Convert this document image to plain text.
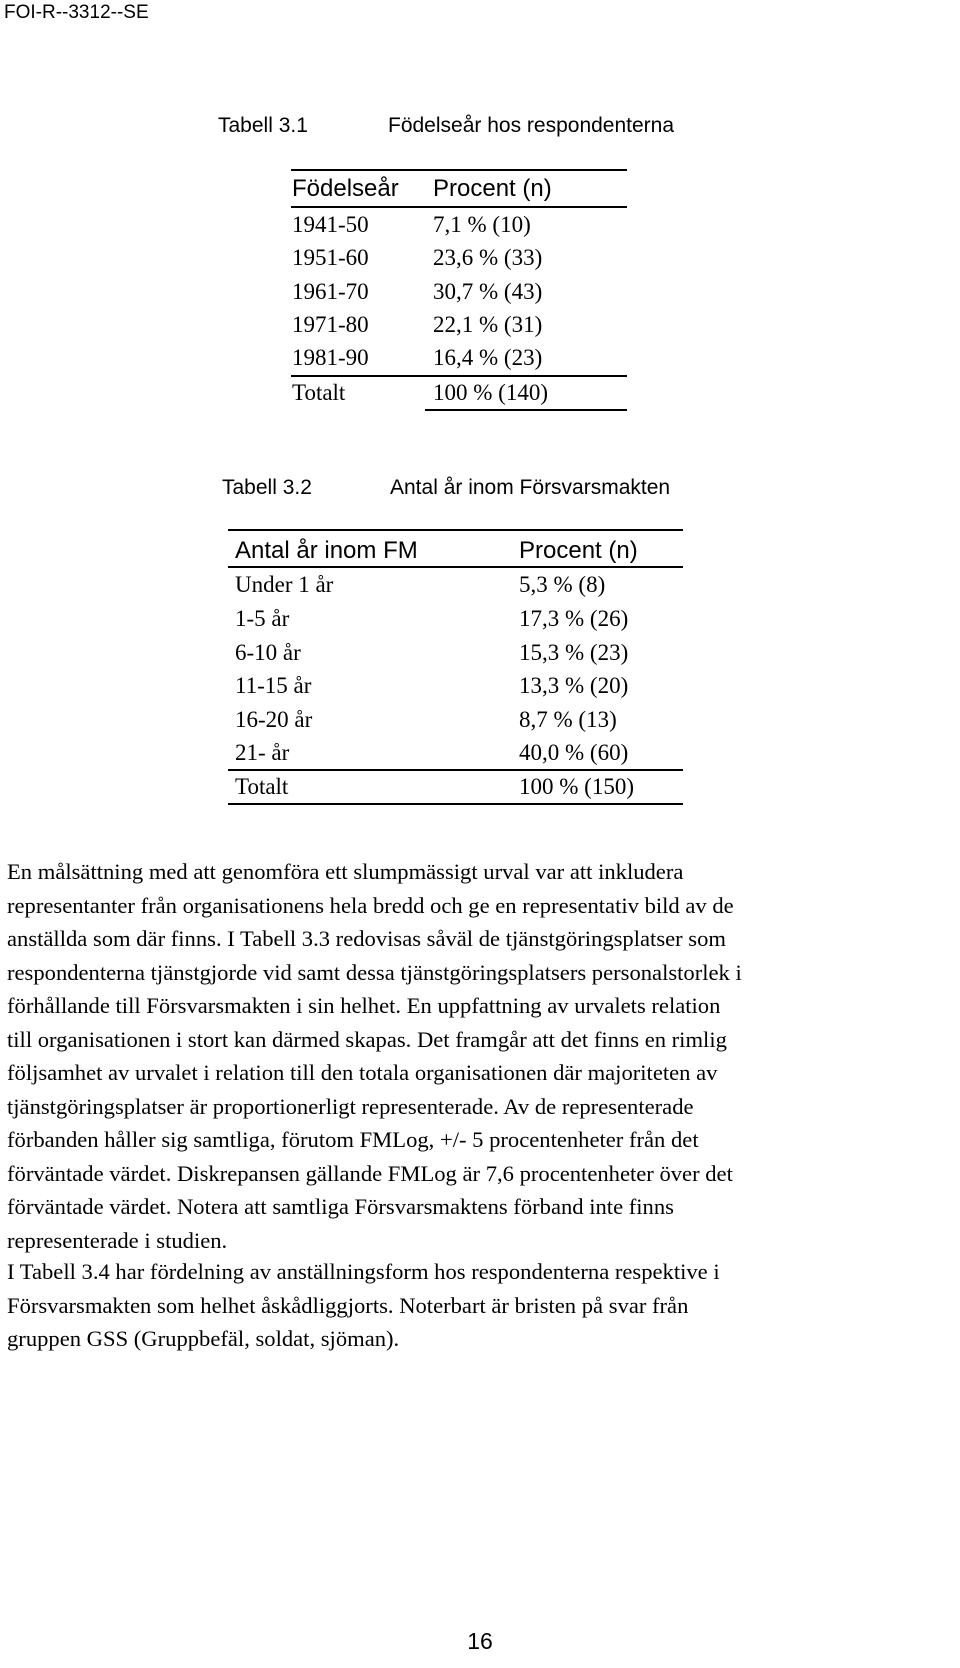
FOI-R--3312--SE
Tabell 3.1	Födelseår hos respondenterna
Födelseår Procent (n)
1941-50	7,1 % (10)
1951-60	23,6 % (33)
1961-70	30,7 % (43)
1971-80	22,1 % (31)
1981-90	16,4 % (23)
Totalt	100 % (140)
Tabell 3.2	Antal år inom Försvarsmakten
Antal år inom FM	Procent (n)
Under 1 år	5,3 % (8)
1-5 år	17,3 % (26)
6-10 år	15,3 % (23)
11-15 år	13,3 % (20)
16-20 år	8,7 % (13)
21- år	40,0 % (60)
Totalt	100 % (150)

En målsättning med att genomföra ett slumpmässigt urval var att inkludera

representanter från organisationens hela bredd och ge en representativ bild av de

anställda som där finns. I Tabell 3.3 redovisas såväl de tjänstgöringsplatser som

respondenterna tjänstgjorde vid samt dessa tjänstgöringsplatsers personalstorlek i

förhållande till Försvarsmakten i sin helhet. En uppfattning av urvalets relation

till organisationen i stort kan därmed skapas. Det framgår att det finns en rimlig

följsamhet av urvalet i relation till den totala organisationen där majoriteten av

tjänstgöringsplatser är proportionerligt representerade. Av de representerade

förbanden håller sig samtliga, förutom FMLog, +/- 5 procentenheter från det

förväntade värdet. Diskrepansen gällande FMLog är 7,6 procentenheter över det

förväntade värdet. Notera att samtliga Försvarsmaktens förband inte finns

representerade i studien.

I Tabell 3.4 har fördelning av anställningsform hos respondenterna respektive i

Försvarsmakten som helhet åskådliggjorts. Noterbart är bristen på svar från

gruppen GSS (Gruppbefäl, soldat, sjöman).

16
